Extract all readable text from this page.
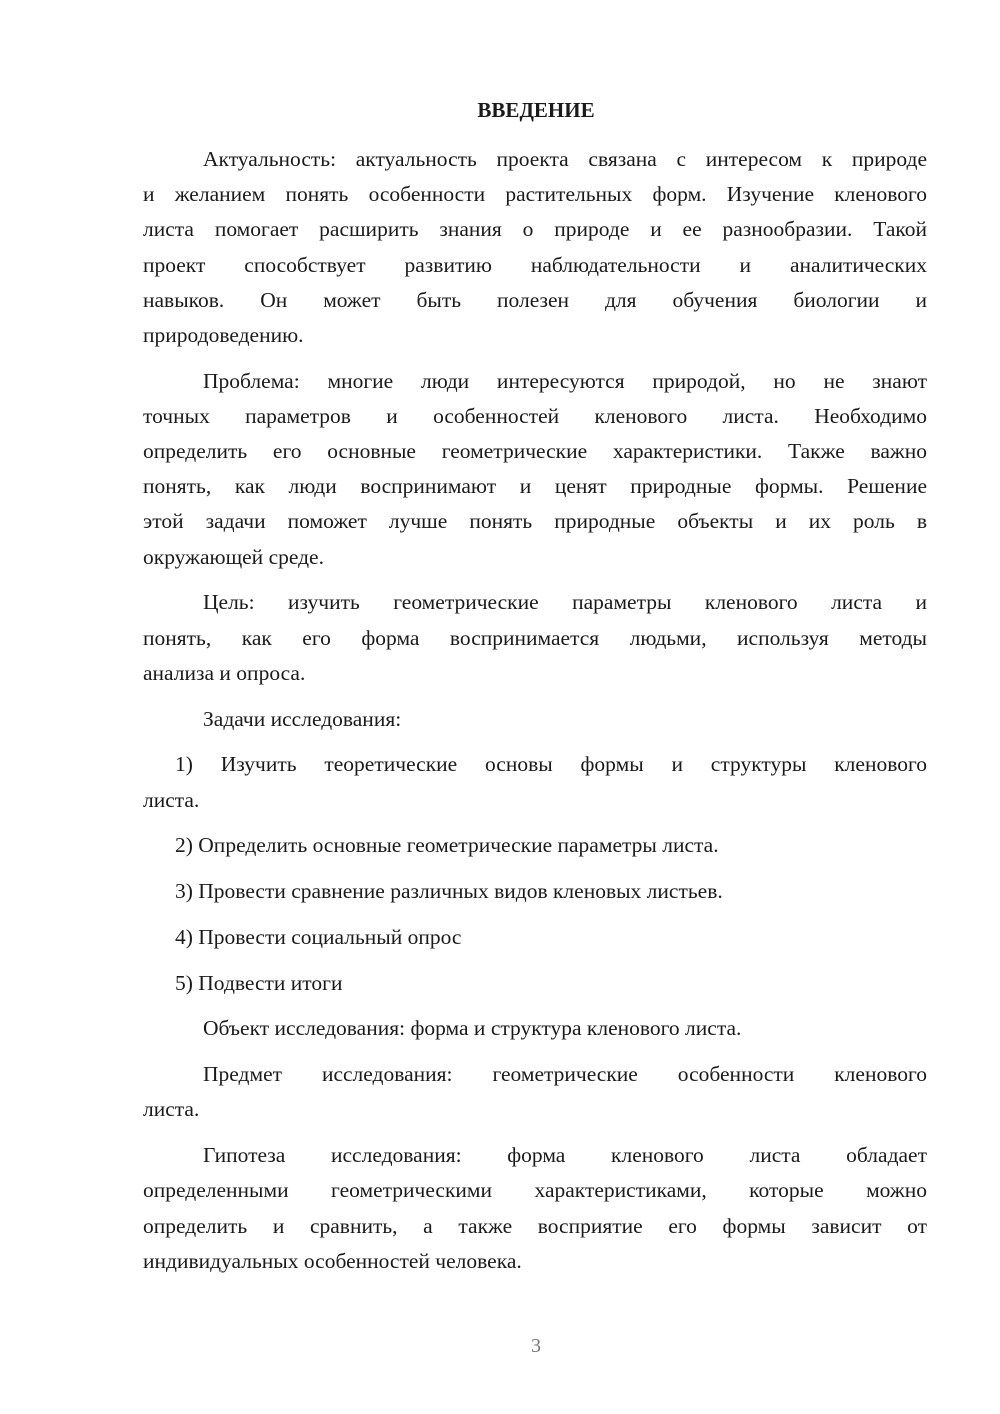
ВВЕДЕНИЕ
Актуальность: актуальность проекта связана с интересом к природе
и желанием понять особенности растительных форм. Изучение кленового
листа помогает расширить знания о природе и ее разнообразии. Такой
проект способствует развитию наблюдательности и аналитических
навыков. Он может быть полезен для обучения биологии и
природоведению.
Проблема: многие люди интересуются природой, но не знают
точных параметров и особенностей кленового листа. Необходимо
определить его основные геометрические характеристики. Также важно
понять, как люди воспринимают и ценят природные формы. Решение
этой задачи поможет лучше понять природные объекты и их роль в
окружающей среде.
Цель: изучить геометрические параметры кленового листа и
понять, как его форма воспринимается людьми, используя методы
анализа и опроса.
Задачи исследования:
1) Изучить теоретические основы формы и структуры кленового
листа.
2) Определить основные геометрические параметры листа.
3) Провести сравнение различных видов кленовых листьев.
4) Провести социальный опрос
5) Подвести итоги
Объект исследования: форма и структура кленового листа.
Предмет исследования: геометрические особенности кленового
листа.
Гипотеза исследования: форма кленового листа обладает
определенными геометрическими характеристиками, которые можно
определить и сравнить, а также восприятие его формы зависит от
индивидуальных особенностей человека.
3
